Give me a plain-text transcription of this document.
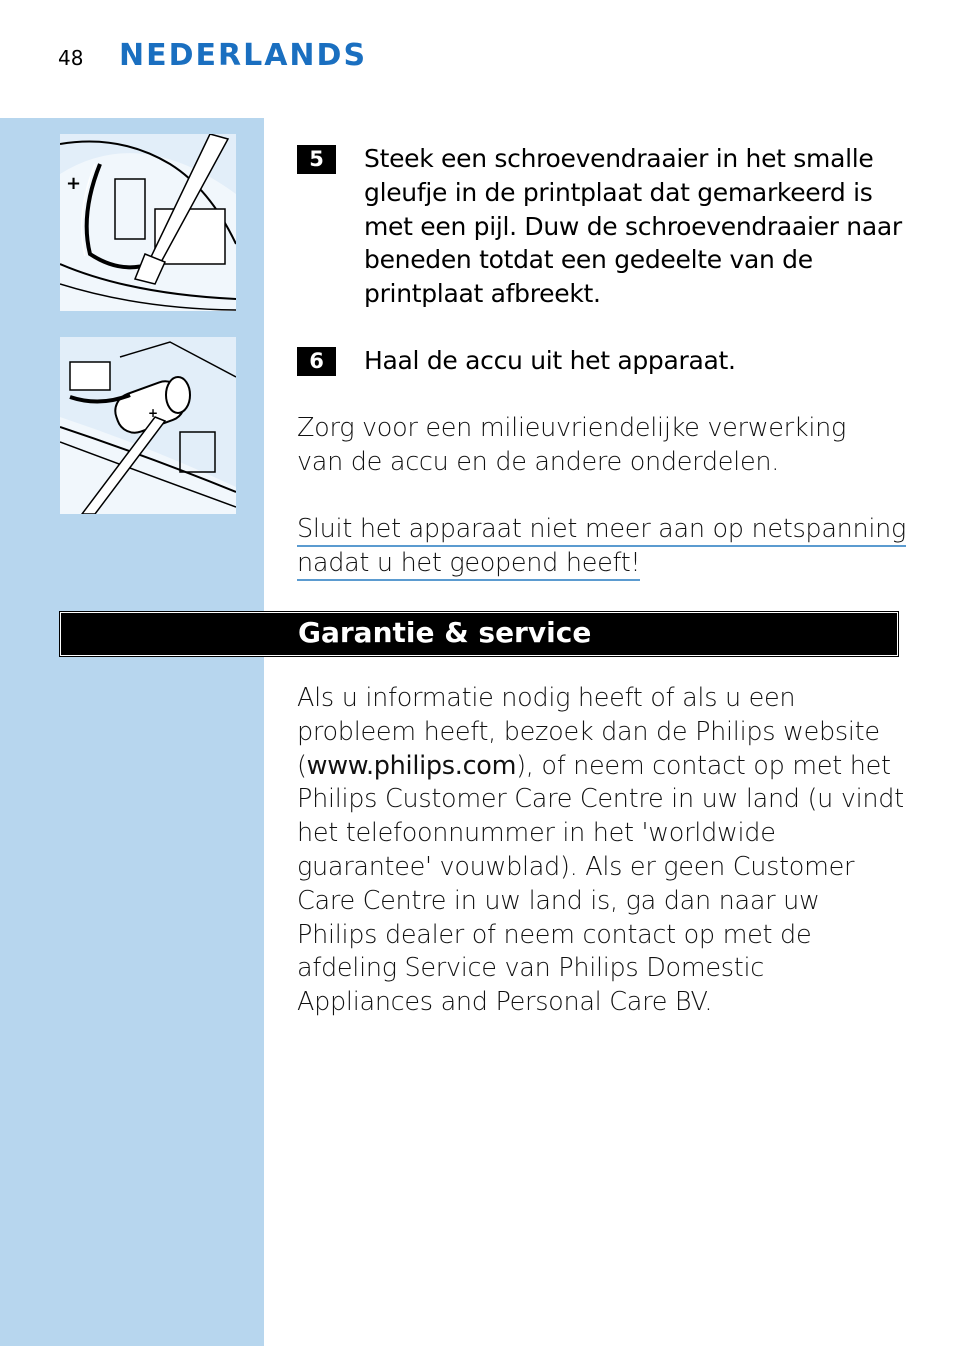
48 NEDERLANDS
+
+
5	Steek een schroevendraaier in het smalle gleufje in de printplaat dat gemarkeerd is met een pijl. Duw de schroevendraaier naar beneden totdat een gedeelte van de printplaat afbreekt.
6	Haal de accu uit het apparaat.
Zorg voor een milieuvriendelijke verwerking van de accu en de andere onderdelen.
Sluit het apparaat niet meer aan op netspanning
nadat u het geopend heeft!
Garantie & service
Als u informatie nodig heeft of als u een probleem heeft, bezoek dan de Philips website (www.philips.com), of neem contact op met het Philips Customer Care Centre in uw land (u vindt het telefoonnummer in het 'worldwide guarantee' vouwblad). Als er geen Customer Care Centre in uw land is, ga dan naar uw Philips dealer of neem contact op met de afdeling Service van Philips Domestic Appliances and Personal Care BV.
